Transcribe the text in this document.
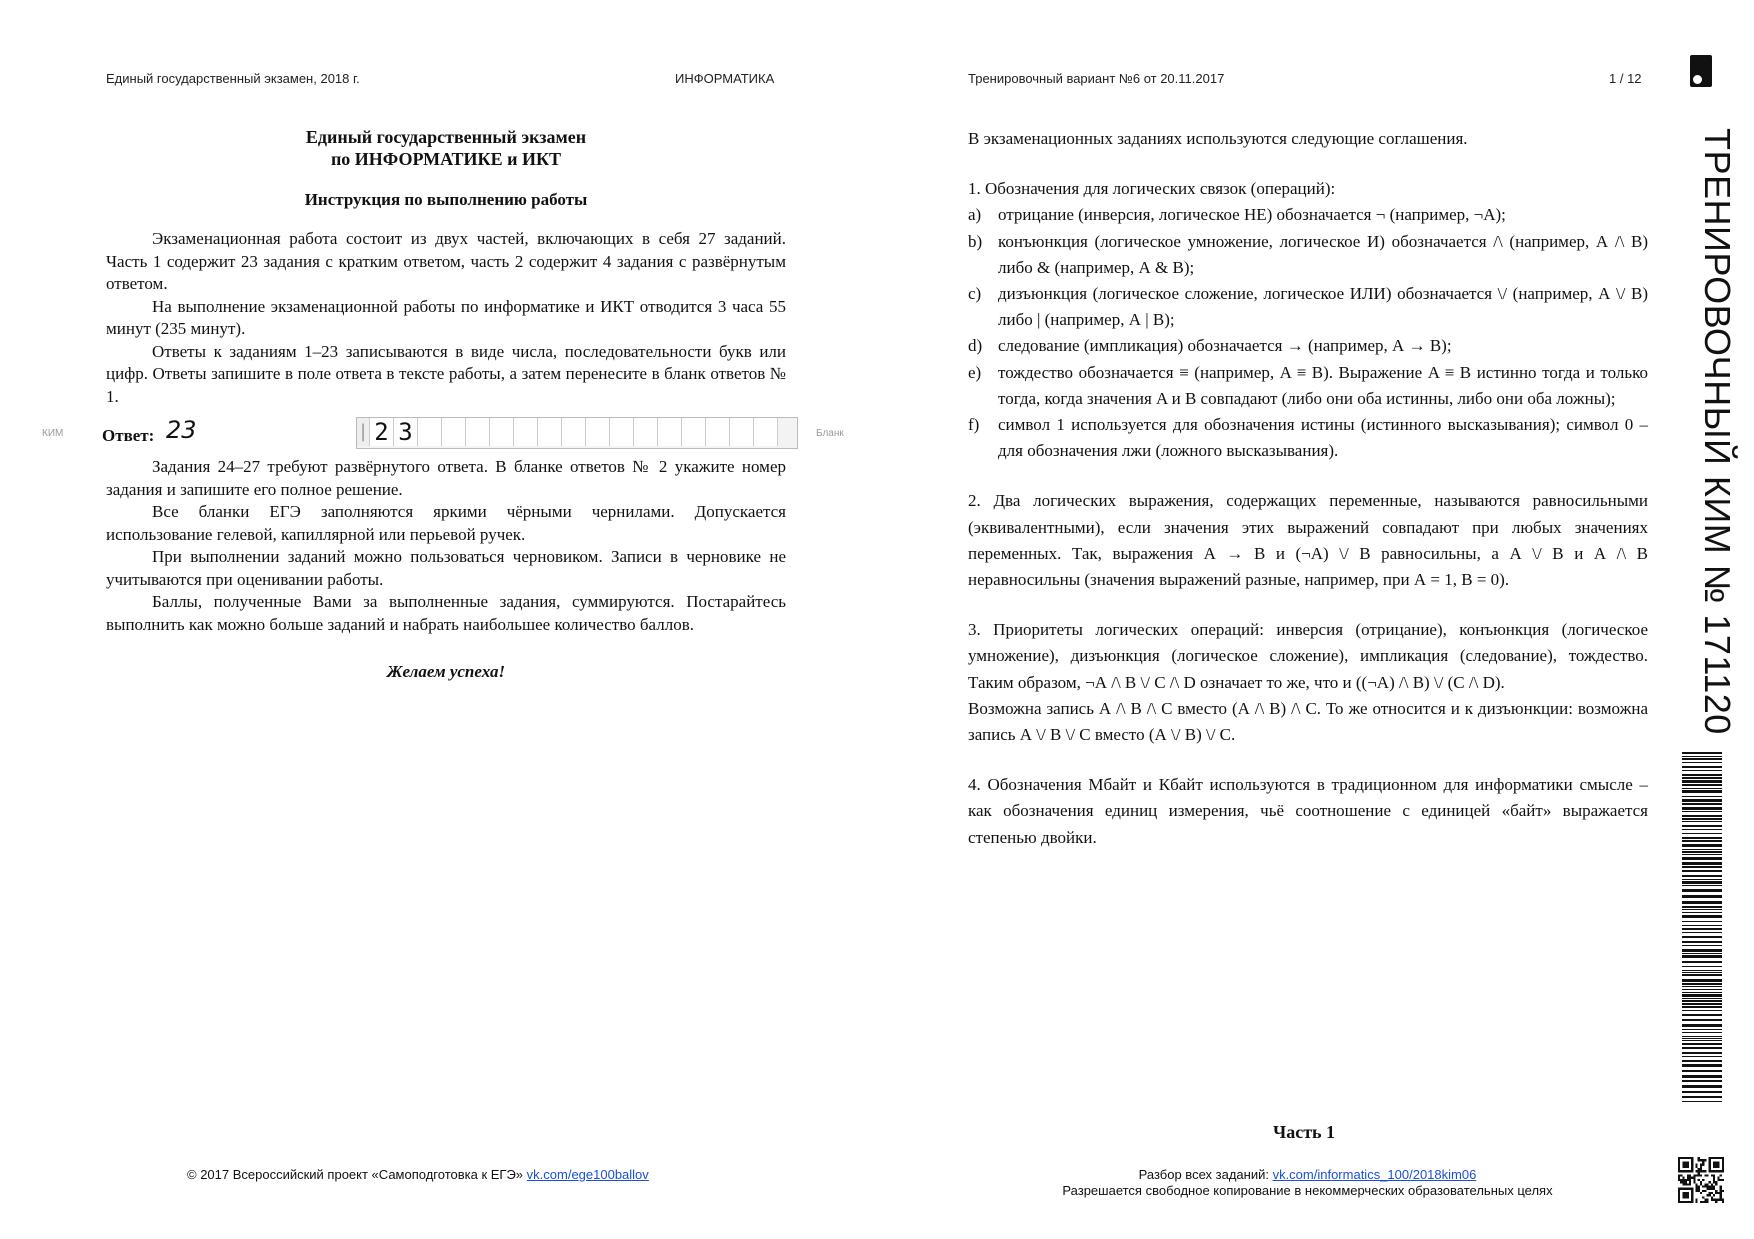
Единый государственный экзамен, 2018 г.	ИНФОРМАТИКА	Тренировочный вариант №6 от 20.11.2017	1 / 12

Единый государственный экзамен

по ИНФОРМАТИКЕ и ИКТ

Инструкция по выполнению работы

Экзаменационная работа состоит из двух частей, включающих в себя 27 заданий. Часть 1 содержит 23 задания с кратким ответом, часть 2 содержит 4 задания с развёрнутым ответом.

На выполнение экзаменационной работы по информатике и ИКТ отводится 3 часа 55 минут (235 минут).

Ответы к заданиям 1–23 записываются в виде числа, последовательности букв или цифр. Ответы запишите в поле ответа в тексте работы, а затем перенесите в бланк ответов № 1.

Ответ: 23	| 2 3

Задания 24–27 требуют развёрнутого ответа. В бланке ответов № 2 укажите номер задания и запишите его полное решение.

Все бланки ЕГЭ заполняются яркими чёрными чернилами. Допускается использование гелевой, капиллярной или перьевой ручек.

При выполнении заданий можно пользоваться черновиком. Записи в черновике не учитываются при оценивании работы.

Баллы, полученные Вами за выполненные задания, суммируются. Постарайтесь выполнить как можно больше заданий и набрать наибольшее количество баллов.

Желаем успеха!

КИМ	Бланк

В экзаменационных заданиях используются следующие соглашения.

1. Обозначения для логических связок (операций):

a) отрицание (инверсия, логическое НЕ) обозначается ¬ (например, ¬А);
b) конъюнкция (логическое умножение, логическое И) обозначается /\ (например, А /\ В) либо & (например, А & В);
c) дизъюнкция (логическое сложение, логическое ИЛИ) обозначается \/ (например, А \/ В) либо | (например, А | В);
d) следование (импликация) обозначается → (например, А → В);
e) тождество обозначается ≡ (например, A ≡ B). Выражение A ≡ B истинно тогда и только тогда, когда значения A и B совпадают (либо они оба истинны, либо они оба ложны);
f)	символ 1 используется для обозначения истины (истинного высказывания); символ 0 – для обозначения лжи (ложного высказывания).

2. Два логических выражения, содержащих переменные, называются равносильными (эквивалентными), если значения этих выражений совпадают при любых значениях переменных. Так, выражения А → В и (¬А) \/ В равносильны, а А \/ В и А /\ В неравносильны (значения выражений разные, например, при А = 1, В = 0).

3. Приоритеты логических операций: инверсия (отрицание), конъюнкция (логическое умножение), дизъюнкция (логическое сложение), импликация (следование), тождество. Таким образом, ¬А /\ В \/ С /\ D означает то же, что и ((¬А) /\ В) \/ (С /\ D).

Возможна запись А /\ В /\ С вместо (А /\ В) /\ С. То же относится и к дизъюнкции: возможна запись А \/ В \/ С вместо (А \/ В) \/ С.

4. Обозначения Мбайт и Кбайт используются в традиционном для информатики смысле – как обозначения единиц измерения, чьё соотношение с единицей «байт» выражается степенью двойки.

Часть 1
© 2017 Всероссийский проект «Самоподготовка к ЕГЭ» vk.com/ege100ballov	Разбор всех заданий: vk.com/informatics_100/2018kim06
Разрешается свободное копирование в некоммерческих образовательных целях
ТРЕНИРОВОЧНЫЙ КИМ № 171120
